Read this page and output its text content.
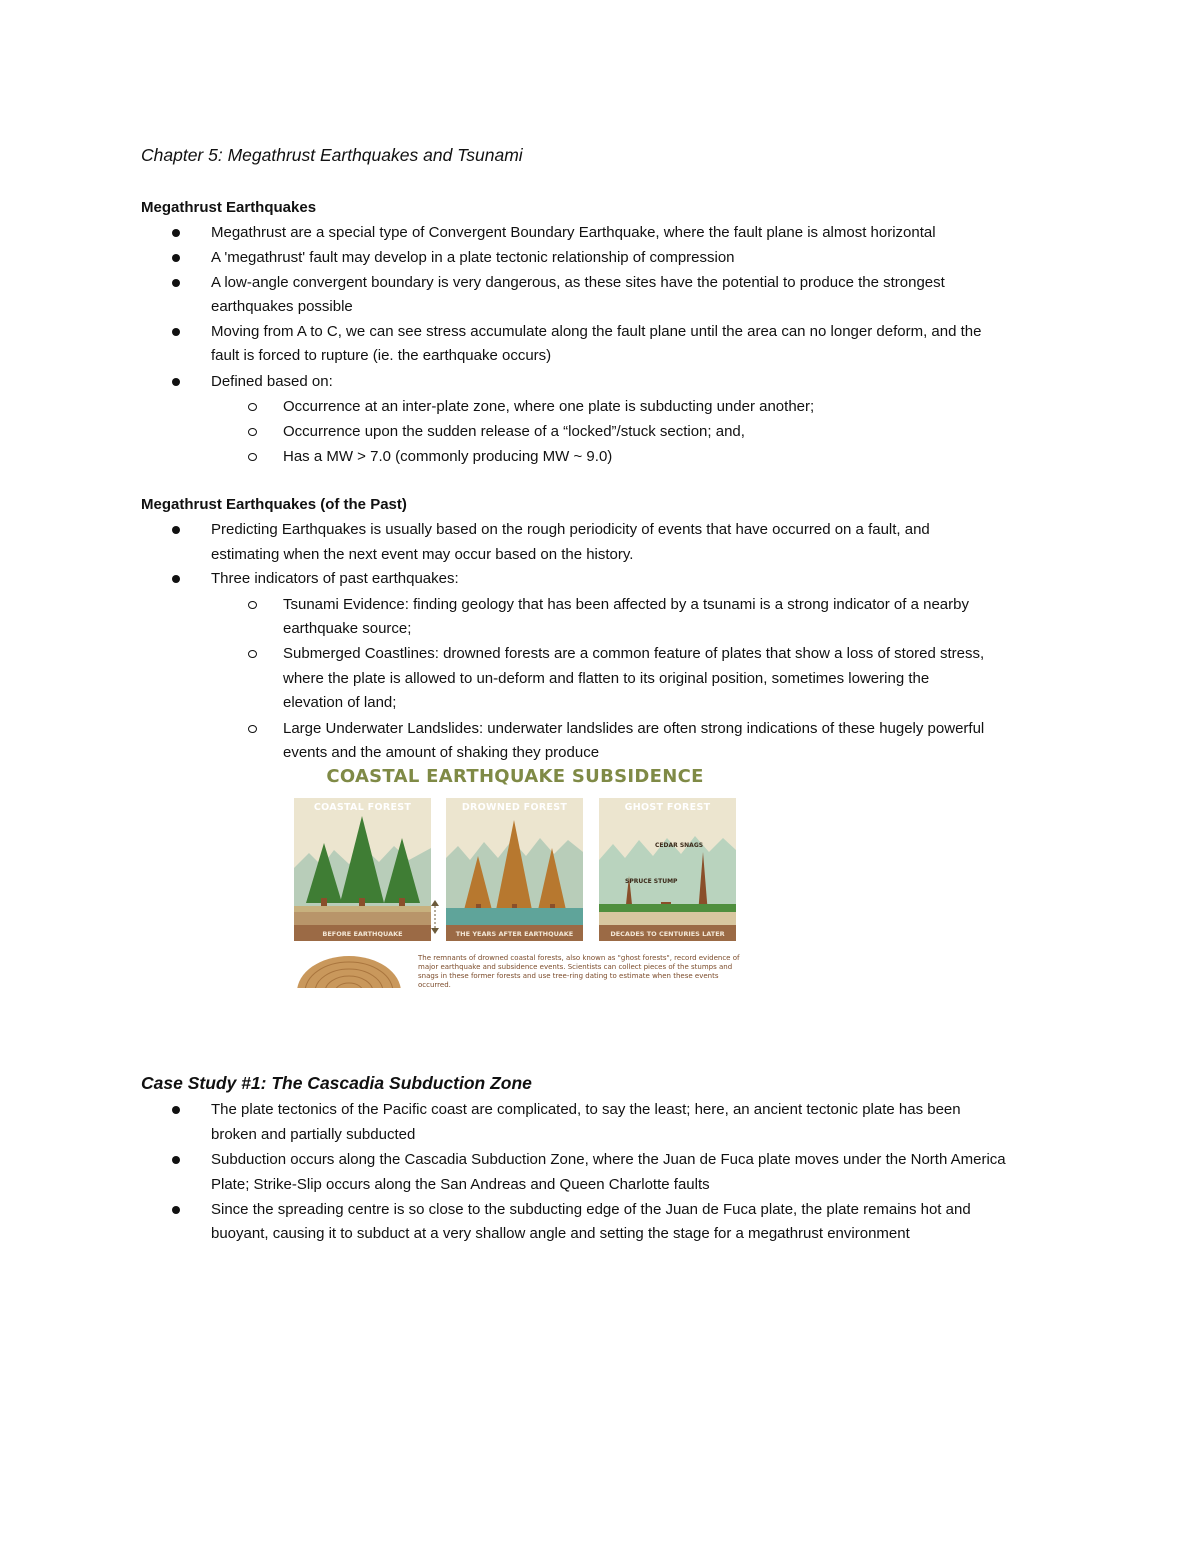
Chapter 5: Megathrust Earthquakes and Tsunami
Megathrust Earthquakes
Megathrust are a special type of Convergent Boundary Earthquake, where the fault plane is almost horizontal
A 'megathrust' fault may develop in a plate tectonic relationship of compression
A low-angle convergent boundary is very dangerous, as these sites have the potential to produce the strongest
earthquakes possible
Moving from A to C, we can see stress accumulate along the fault plane until the area can no longer deform, and the
fault is forced to rupture (ie. the earthquake occurs)
Defined based on:
Occurrence at an inter-plate zone, where one plate is subducting under another;
Occurrence upon the sudden release of a “locked”/stuck section; and,
Has a MW > 7.0 (commonly producing MW ~ 9.0)
Megathrust Earthquakes (of the Past)
Predicting Earthquakes is usually based on the rough periodicity of events that have occurred on a fault, and
estimating when the next event may occur based on the history.
Three indicators of past earthquakes:
Tsunami Evidence: finding geology that has been affected by a tsunami is a strong indicator of a nearby
earthquake source;
Submerged Coastlines: drowned forests are a common feature of plates that show a loss of stored stress,
where the plate is allowed to un-deform and flatten to its original position, sometimes lowering the
elevation of land;
Large Underwater Landslides: underwater landslides are often strong indications of these hugely powerful
events and the amount of shaking they produce
COASTAL EARTHQUAKE SUBSIDENCE
COASTAL FOREST
BEFORE EARTHQUAKE
DROWNED FOREST
THE YEARS AFTER EARTHQUAKE
GHOST FOREST
CEDAR SNAGS
SPRUCE STUMP
DECADES TO CENTURIES LATER
The remnants of drowned coastal forests, also known as "ghost forests", record evidence of major earthquake and subsidence events. Scientists can collect pieces of the stumps and snags in these former forests and use tree-ring dating to estimate when these events occurred.
Case Study #1: The Cascadia Subduction Zone
The plate tectonics of the Pacific coast are complicated, to say the least; here, an ancient tectonic plate has been
broken and partially subducted
Subduction occurs along the Cascadia Subduction Zone, where the Juan de Fuca plate moves under the North America
Plate; Strike-Slip occurs along the San Andreas and Queen Charlotte faults
Since the spreading centre is so close to the subducting edge of the Juan de Fuca plate, the plate remains hot and
buoyant, causing it to subduct at a very shallow angle and setting the stage for a megathrust environment
